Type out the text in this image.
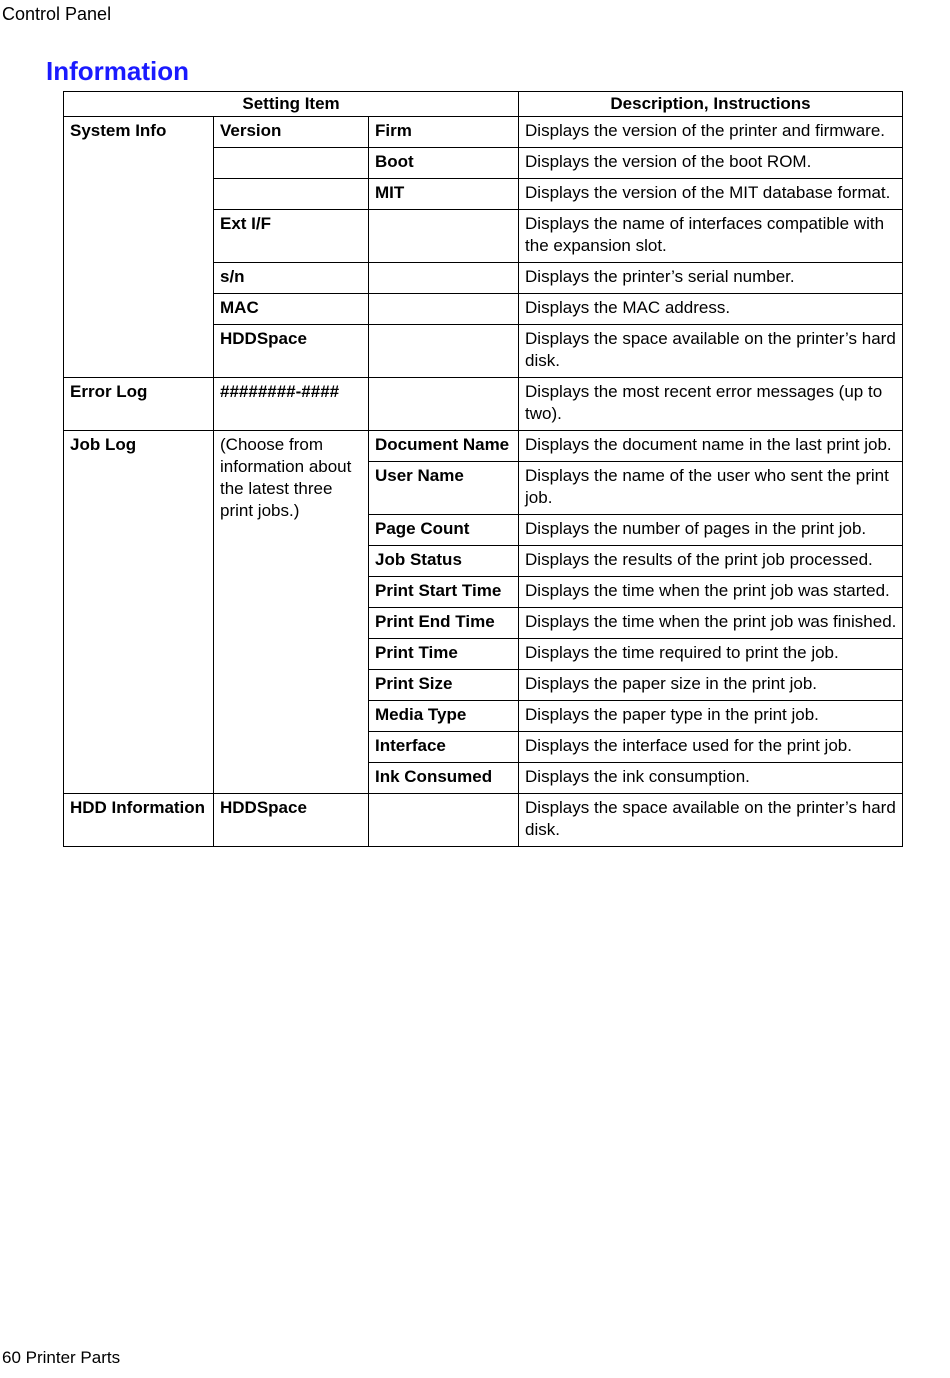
Control Panel
Information
Setting Item			Description, Instructions
System Info	Version	Firm	Displays the version of the printer and firmware.
		Boot	Displays the version of the boot ROM.
		MIT	Displays the version of the MIT database format.
	Ext I/F		Displays the name of interfaces compatible with the expansion slot.
	s/n		Displays the printer’s serial number.
	MAC		Displays the MAC address.
	HDDSpace		Displays the space available on the printer’s hard disk.
Error Log	########-####		Displays the most recent error messages (up to two).
Job Log	(Choose from information about the latest three print jobs.)	Document Name	Displays the document name in the last print job.
		User Name	Displays the name of the user who sent the print job.
		Page Count	Displays the number of pages in the print job.
		Job Status	Displays the results of the print job processed.
		Print Start Time	Displays the time when the print job was started.
		Print End Time	Displays the time when the print job was finished.
		Print Time	Displays the time required to print the job.
		Print Size	Displays the paper size in the print job.
		Media Type	Displays the paper type in the print job.
		Interface	Displays the interface used for the print job.
		Ink Consumed	Displays the ink consumption.
HDD Information	HDDSpace		Displays the space available on the printer’s hard disk.
60 Printer Parts
